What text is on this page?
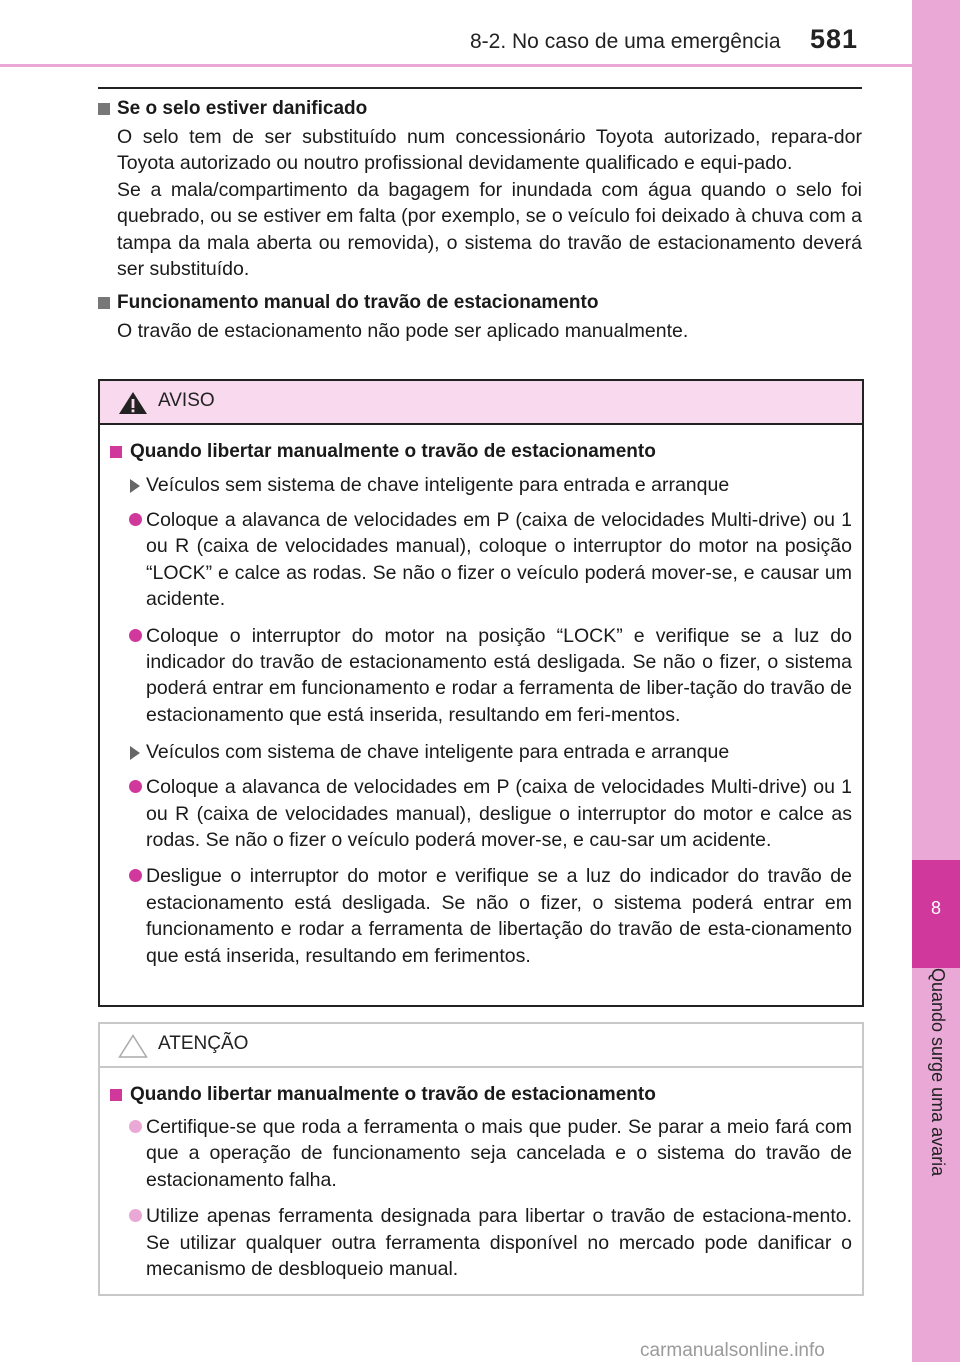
8-2. No caso de uma emergência 581
8
Quando surge uma avaria
Se o selo estiver danificado

O selo tem de ser substituído num concessionário Toyota autorizado, repara-dor Toyota autorizado ou noutro profissional devidamente qualificado e equi-pado.

Se a mala/compartimento da bagagem for inundada com água quando o selo foi quebrado, ou se estiver em falta (por exemplo, se o veículo foi deixado à chuva com a tampa da mala aberta ou removida), o sistema do travão de estacionamento deverá ser substituído.

Funcionamento manual do travão de estacionamento

O travão de estacionamento não pode ser aplicado manualmente.

AVISO
Quando libertar manualmente o travão de estacionamento
Veículos sem sistema de chave inteligente para entrada e arranque
Coloque a alavanca de velocidades em P (caixa de velocidades Multi-drive) ou 1 ou R (caixa de velocidades manual), coloque o interruptor do motor na posição “LOCK” e calce as rodas. Se não o fizer o veículo poderá mover-se, e causar um acidente.
Coloque o interruptor do motor na posição “LOCK” e verifique se a luz do indicador do travão de estacionamento está desligada. Se não o fizer, o sistema poderá entrar em funcionamento e rodar a ferramenta de liber-tação do travão de estacionamento que está inserida, resultando em feri-mentos.
Veículos com sistema de chave inteligente para entrada e arranque
Coloque a alavanca de velocidades em P (caixa de velocidades Multi-drive) ou 1 ou R (caixa de velocidades manual), desligue o interruptor do motor e calce as rodas. Se não o fizer o veículo poderá mover-se, e cau-sar um acidente.
Desligue o interruptor do motor e verifique se a luz do indicador do travão de estacionamento está desligada. Se não o fizer, o sistema poderá entrar em funcionamento e rodar a ferramenta de libertação do travão de esta-cionamento que está inserida, resultando em ferimentos.
ATENÇÃO
Quando libertar manualmente o travão de estacionamento
Certifique-se que roda a ferramenta o mais que puder. Se parar a meio fará com que a operação de funcionamento seja cancelada e o sistema do travão de estacionamento falha.
Utilize apenas ferramenta designada para libertar o travão de estaciona-mento. Se utilizar qualquer outra ferramenta disponível no mercado pode danificar o mecanismo de desbloqueio manual.
carmanualsonline.info
